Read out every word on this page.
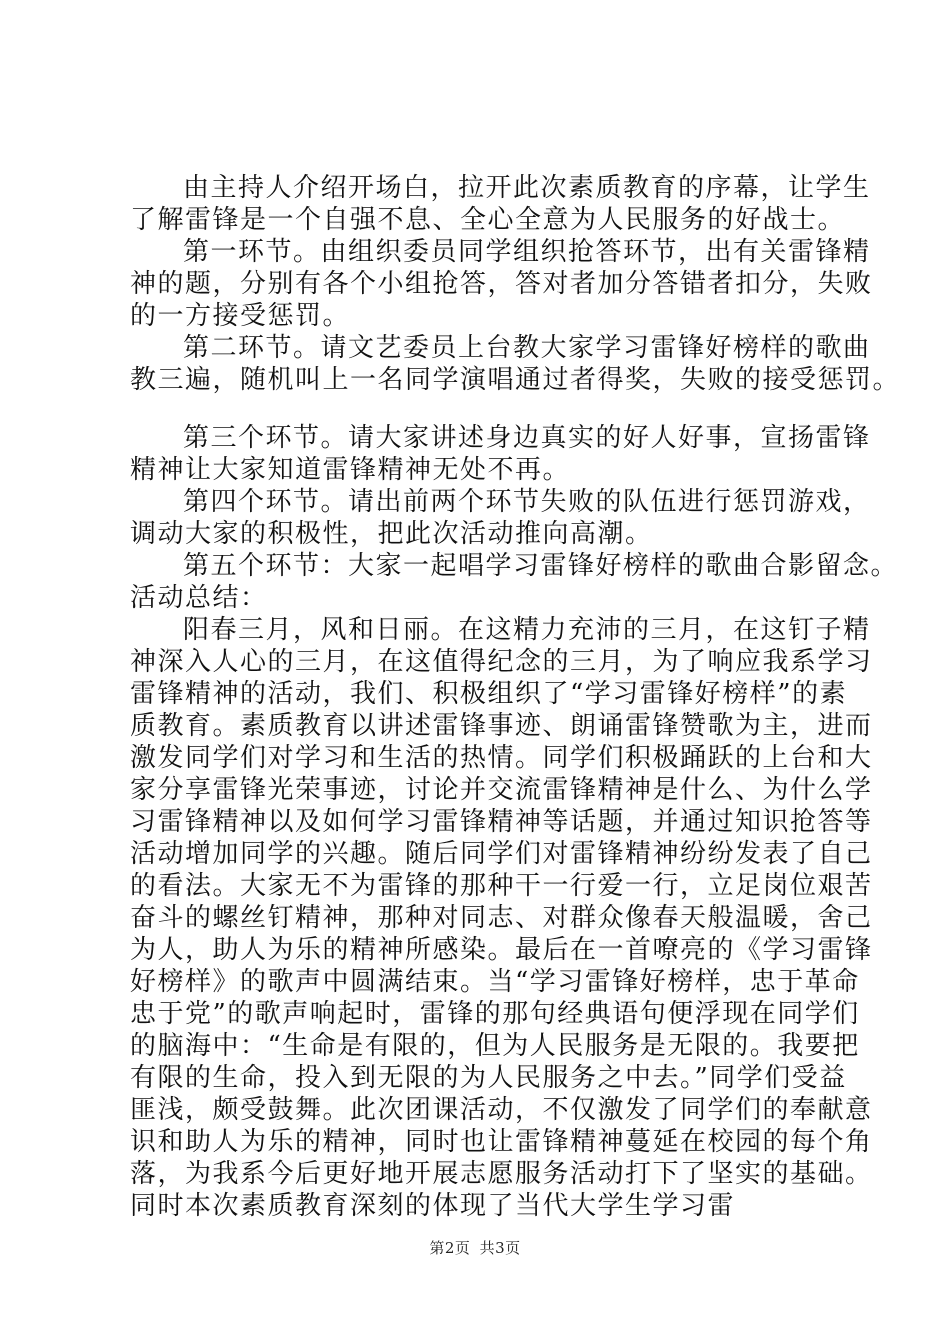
由主持人介绍开场白，拉开此次素质教育的序幕，让学生
了解雷锋是一个自强不息、全心全意为人民服务的好战士。
第一环节。由组织委员同学组织抢答环节，出有关雷锋精
神的题，分别有各个小组抢答，答对者加分答错者扣分，失败
的一方接受惩罚。
第二环节。请文艺委员上台教大家学习雷锋好榜样的歌曲
教三遍，随机叫上一名同学演唱通过者得奖，失败的接受惩罚。
第三个环节。请大家讲述身边真实的好人好事，宣扬雷锋
精神让大家知道雷锋精神无处不再。
第四个环节。请出前两个环节失败的队伍进行惩罚游戏，
调动大家的积极性，把此次活动推向高潮。
第五个环节：大家一起唱学习雷锋好榜样的歌曲合影留念。
活动总结：
阳春三月，风和日丽。在这精力充沛的三月，在这钉子精
神深入人心的三月，在这值得纪念的三月，为了响应我系学习
雷锋精神的活动，我们、积极组织了“学习雷锋好榜样”的素
质教育。素质教育以讲述雷锋事迹、朗诵雷锋赞歌为主，进而
激发同学们对学习和生活的热情。同学们积极踊跃的上台和大
家分享雷锋光荣事迹，讨论并交流雷锋精神是什么、为什么学
习雷锋精神以及如何学习雷锋精神等话题，并通过知识抢答等
活动增加同学的兴趣。随后同学们对雷锋精神纷纷发表了自己
的看法。大家无不为雷锋的那种干一行爱一行，立足岗位艰苦
奋斗的螺丝钉精神，那种对同志、对群众像春天般温暖，舍己
为人，助人为乐的精神所感染。最后在一首嘹亮的《学习雷锋
好榜样》的歌声中圆满结束。当“学习雷锋好榜样，忠于革命
忠于党”的歌声响起时，雷锋的那句经典语句便浮现在同学们
的脑海中：“生命是有限的，但为人民服务是无限的。我要把
有限的生命，投入到无限的为人民服务之中去。”同学们受益
匪浅，颇受鼓舞。此次团课活动，不仅激发了同学们的奉献意
识和助人为乐的精神，同时也让雷锋精神蔓延在校园的每个角
落，为我系今后更好地开展志愿服务活动打下了坚实的基础。
同时本次素质教育深刻的体现了当代大学生学习雷
第2页 共3页
